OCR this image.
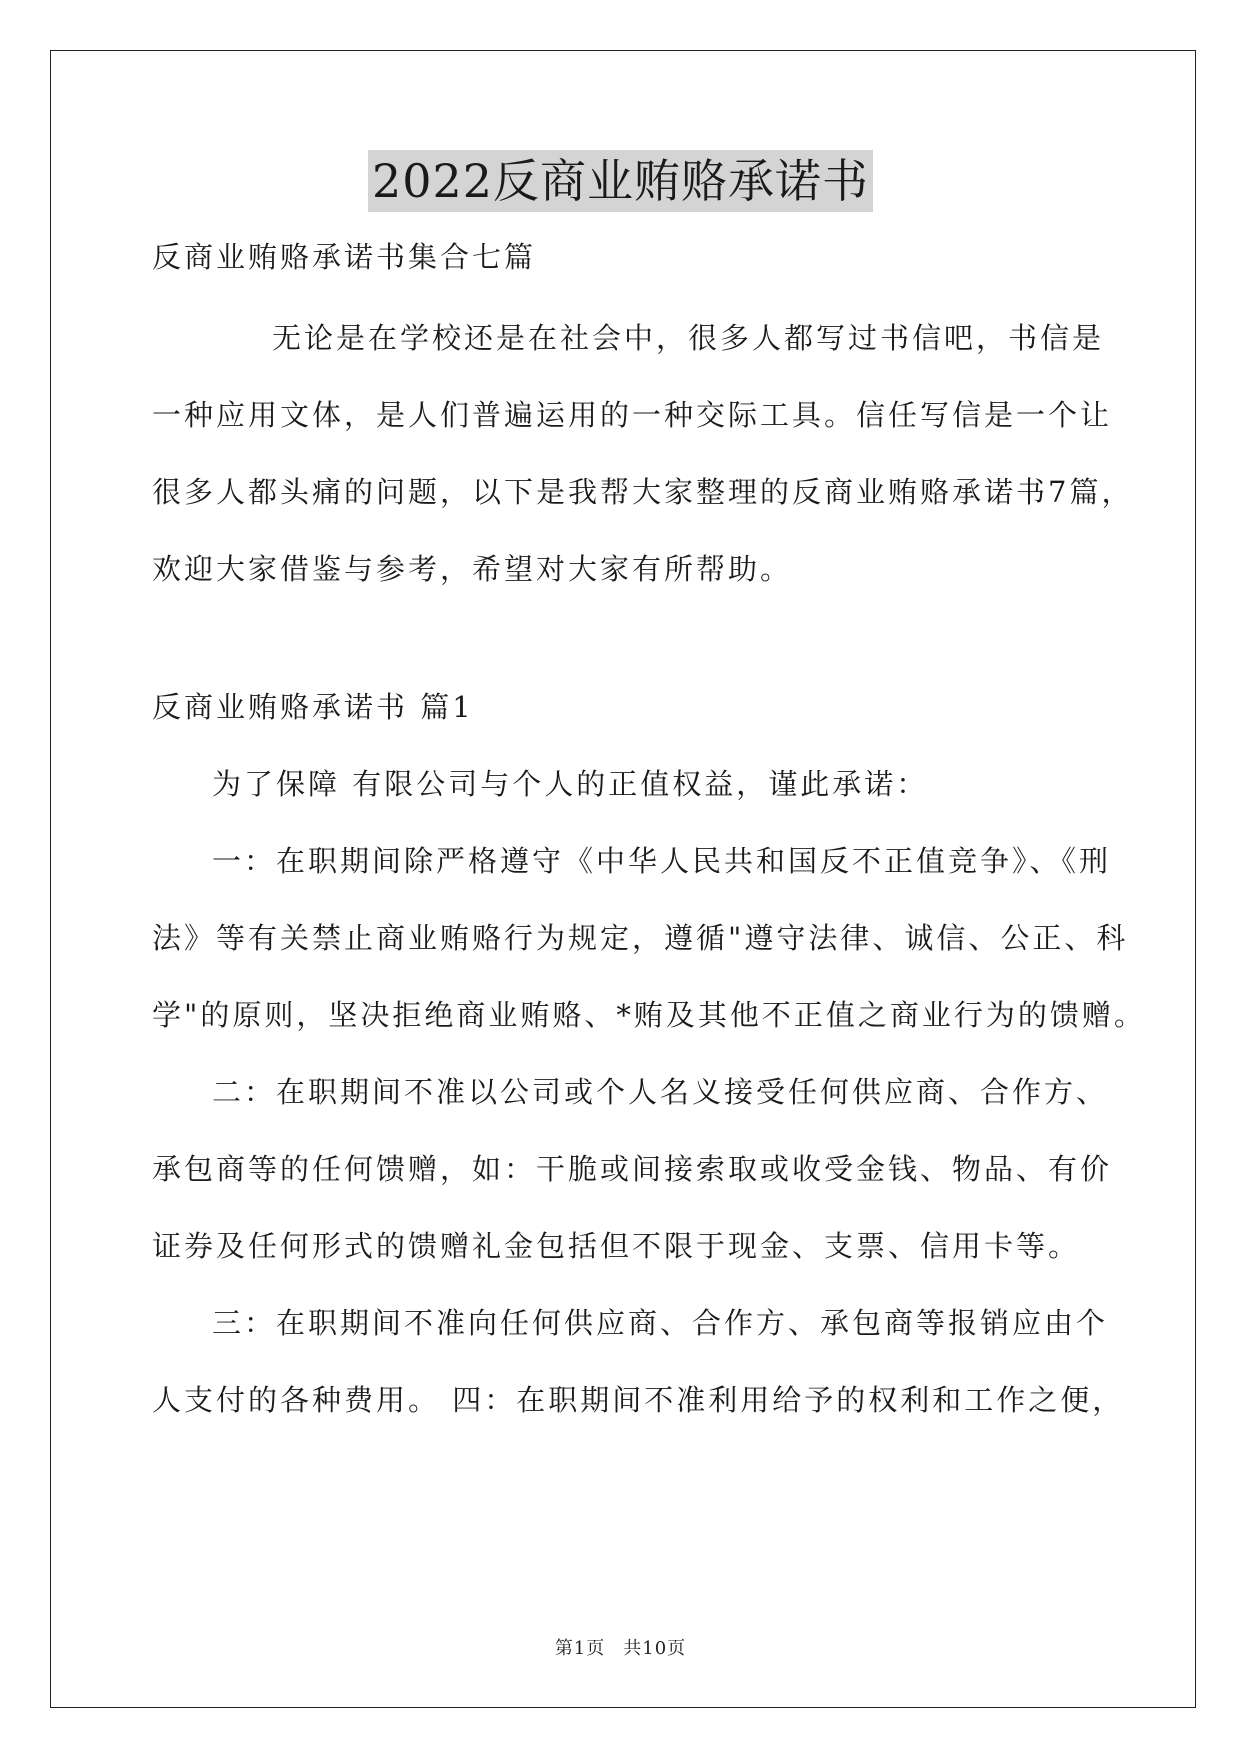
2022反商业贿赂承诺书
反商业贿赂承诺书集合七篇
无论是在学校还是在社会中，很多人都写过书信吧，书信是
一种应用文体，是人们普遍运用的一种交际工具。信任写信是一个让
很多人都头痛的问题，以下是我帮大家整理的反商业贿赂承诺书7篇，
欢迎大家借鉴与参考，希望对大家有所帮助。
反商业贿赂承诺书 篇1
为了保障 有限公司与个人的正值权益，谨此承诺：
一：在职期间除严格遵守《中华人民共和国反不正值竞争》、《刑
法》等有关禁止商业贿赂行为规定，遵循"遵守法律、诚信、公正、科
学"的原则，坚决拒绝商业贿赂、*贿及其他不正值之商业行为的馈赠。
二：在职期间不准以公司或个人名义接受任何供应商、合作方、
承包商等的任何馈赠，如：干脆或间接索取或收受金钱、物品、有价
证券及任何形式的馈赠礼金包括但不限于现金、支票、信用卡等。
三：在职期间不准向任何供应商、合作方、承包商等报销应由个
人支付的各种费用。 四：在职期间不准利用给予的权利和工作之便，
第1页 共10页
